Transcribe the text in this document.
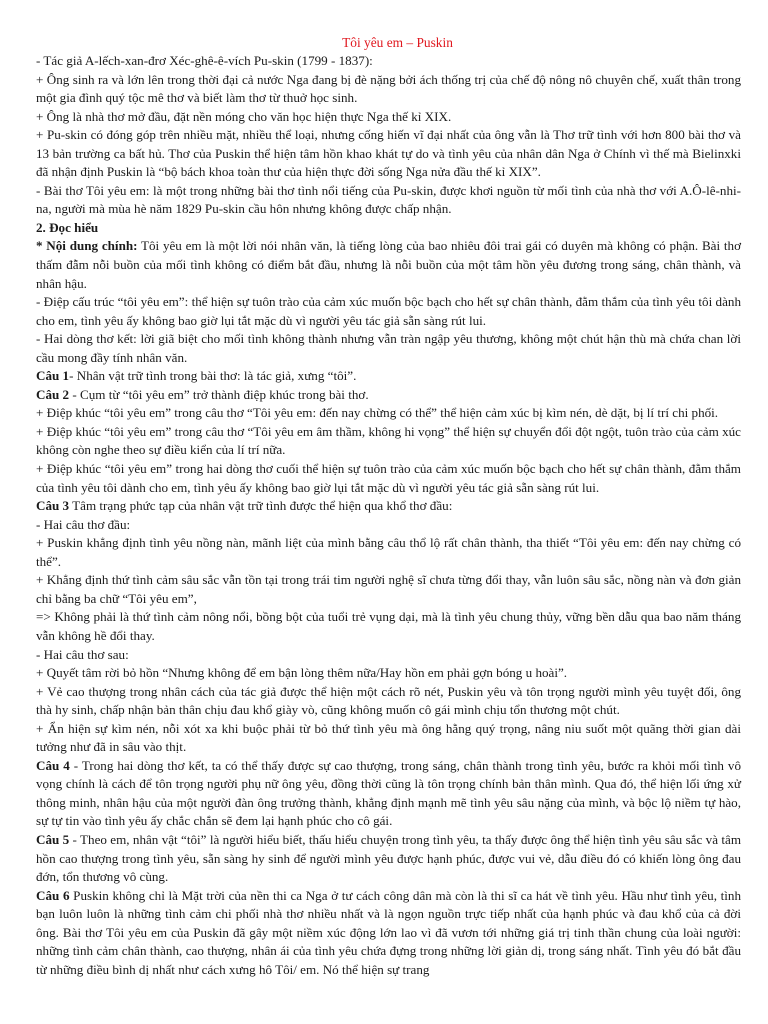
Tôi yêu em – Puskin

- Tác giả A-lếch-xan-đrơ Xéc-ghê-ê-vích Pu-skin (1799 - 1837):

+ Ông sinh ra và lớn lên trong thời đại cả nước Nga đang bị đè nặng bởi ách thống trị của chế độ nông nô chuyên chế, xuất thân trong một gia đình quý tộc mê thơ và biết làm thơ từ thuở học sinh.

+ Ông là nhà thơ mở đầu, đặt nền móng cho văn học hiện thực Nga thế kỉ XIX.

+ Pu-skin có đóng góp trên nhiều mặt, nhiều thể loại, nhưng cống hiến vĩ đại nhất của ông vẫn là Thơ trữ tình với hơn 800 bài thơ và 13 bản trường ca bất hủ. Thơ của Puskin thể hiện tâm hồn khao khát tự do và tình yêu của nhân dân Nga ở Chính vì thế mà Bielinxki đã nhận định Puskin là “bộ bách khoa toàn thư của hiện thực đời sống Nga nửa đầu thế kỉ XIX”.

- Bài thơ Tôi yêu em: là một trong những bài thơ tình nổi tiếng của Pu-skin, được khơi nguồn từ mối tình của nhà thơ với A.Ô-lê-nhi-na, người mà mùa hè năm 1829 Pu-skin cầu hôn nhưng không được chấp nhận.

2. Đọc hiểu

* Nội dung chính: Tôi yêu em là một lời nói nhân văn, là tiếng lòng của bao nhiêu đôi trai gái có duyên mà không có phận. Bài thơ thấm đẫm nỗi buồn của mối tình không có điểm bắt đầu, nhưng là nỗi buồn của một tâm hồn yêu đương trong sáng, chân thành, và nhân hậu.

- Điệp cấu trúc “tôi yêu em”: thể hiện sự tuôn trào của cảm xúc muốn bộc bạch cho hết sự chân thành, đằm thắm của tình yêu tôi dành cho em, tình yêu ấy không bao giờ lụi tắt mặc dù vì người yêu tác giả sẵn sàng rút lui.

- Hai dòng thơ kết: lời giã biệt cho mối tình không thành nhưng vẫn tràn ngập yêu thương, không một chút hận thù mà chứa chan lời cầu mong đầy tính nhân văn.

Câu 1- Nhân vật trữ tình trong bài thơ: là tác giả, xưng “tôi”.

Câu 2 - Cụm từ “tôi yêu em” trở thành điệp khúc trong bài thơ.

+ Điệp khúc “tôi yêu em” trong câu thơ “Tôi yêu em: đến nay chừng có thể” thể hiện cảm xúc bị kìm nén, dè dặt, bị lí trí chi phối.

+ Điệp khúc “tôi yêu em” trong câu thơ “Tôi yêu em âm thầm, không hi vọng” thể hiện sự chuyển đổi đột ngột, tuôn trào của cảm xúc không còn nghe theo sự điều kiển của lí trí nữa.

+ Điệp khúc “tôi yêu em” trong hai dòng thơ cuối thể hiện sự tuôn trào của cảm xúc muốn bộc bạch cho hết sự chân thành, đằm thắm của tình yêu tôi dành cho em, tình yêu ấy không bao giờ lụi tắt mặc dù vì người yêu tác giả sẵn sàng rút lui.

Câu 3 Tâm trạng phức tạp của nhân vật trữ tình được thể hiện qua khổ thơ đầu:

- Hai câu thơ đầu:

+ Puskin khẳng định tình yêu nồng nàn, mãnh liệt của mình bằng câu thổ lộ rất chân thành, tha thiết “Tôi yêu em: đến nay chừng có thể”.

+ Khẳng định thứ tình cảm sâu sắc vẫn tồn tại trong trái tim người nghệ sĩ chưa từng đổi thay, vẫn luôn sâu sắc, nồng nàn và đơn giản chỉ bằng ba chữ “Tôi yêu em”,

=> Không phải là thứ tình cảm nông nổi, bồng bột của tuổi trẻ vụng dại, mà là tình yêu chung thủy, vững bền dẫu qua bao năm tháng vẫn không hề đổi thay.

- Hai câu thơ sau:

+ Quyết tâm rời bỏ hồn “Nhưng không để em bận lòng thêm nữa/Hay hồn em phải gợn bóng u hoài”.

+ Vẻ cao thượng trong nhân cách của tác giả được thể hiện một cách rõ nét, Puskin yêu và tôn trọng người mình yêu tuyệt đối, ông thà hy sinh, chấp nhận bản thân chịu đau khổ giày vò, cũng không muốn cô gái mình chịu tổn thương một chút.

+ Ẩn hiện sự kìm nén, nỗi xót xa khi buộc phải từ bỏ thứ tình yêu mà ông hằng quý trọng, nâng niu suốt một quãng thời gian dài tưởng như đã in sâu vào thịt.

Câu 4 - Trong hai dòng thơ kết, ta có thể thấy được sự cao thượng, trong sáng, chân thành trong tình yêu, bước ra khỏi mối tình vô vọng chính là cách để tôn trọng người phụ nữ ông yêu, đồng thời cũng là tôn trọng chính bản thân mình. Qua đó, thể hiện lối ứng xử thông minh, nhân hậu của một người đàn ông trưởng thành, khẳng định mạnh mẽ tình yêu sâu nặng của mình, và bộc lộ niềm tự hào, sự tự tin vào tình yêu ấy chắc chắn sẽ đem lại hạnh phúc cho cô gái.

Câu 5 - Theo em, nhân vật “tôi” là người hiểu biết, thấu hiểu chuyện trong tình yêu, ta thấy được ông thể hiện tình yêu sâu sắc và tâm hồn cao thượng trong tình yêu, sẵn sàng hy sinh để người mình yêu được hạnh phúc, được vui vẻ, dẫu điều đó có khiến lòng ông đau đớn, tổn thương vô cùng.

Câu 6 Puskin không chỉ là Mặt trời của nền thi ca Nga ở tư cách công dân mà còn là thi sĩ ca hát về tình yêu. Hầu như tình yêu, tình bạn luôn luôn là những tình cảm chi phối nhà thơ nhiều nhất và là ngọn nguồn trực tiếp nhất của hạnh phúc và đau khổ của cả đời ông. Bài thơ Tôi yêu em của Puskin đã gây một niềm xúc động lớn lao vì đã vươn tới những giá trị tinh thần chung của loài người: những tình cảm chân thành, cao thượng, nhân ái của tình yêu chứa đựng trong những lời giản dị, trong sáng nhất. Tình yêu đó bắt đầu từ những điều bình dị nhất như cách xưng hô Tôi/ em. Nó thể hiện sự trang
